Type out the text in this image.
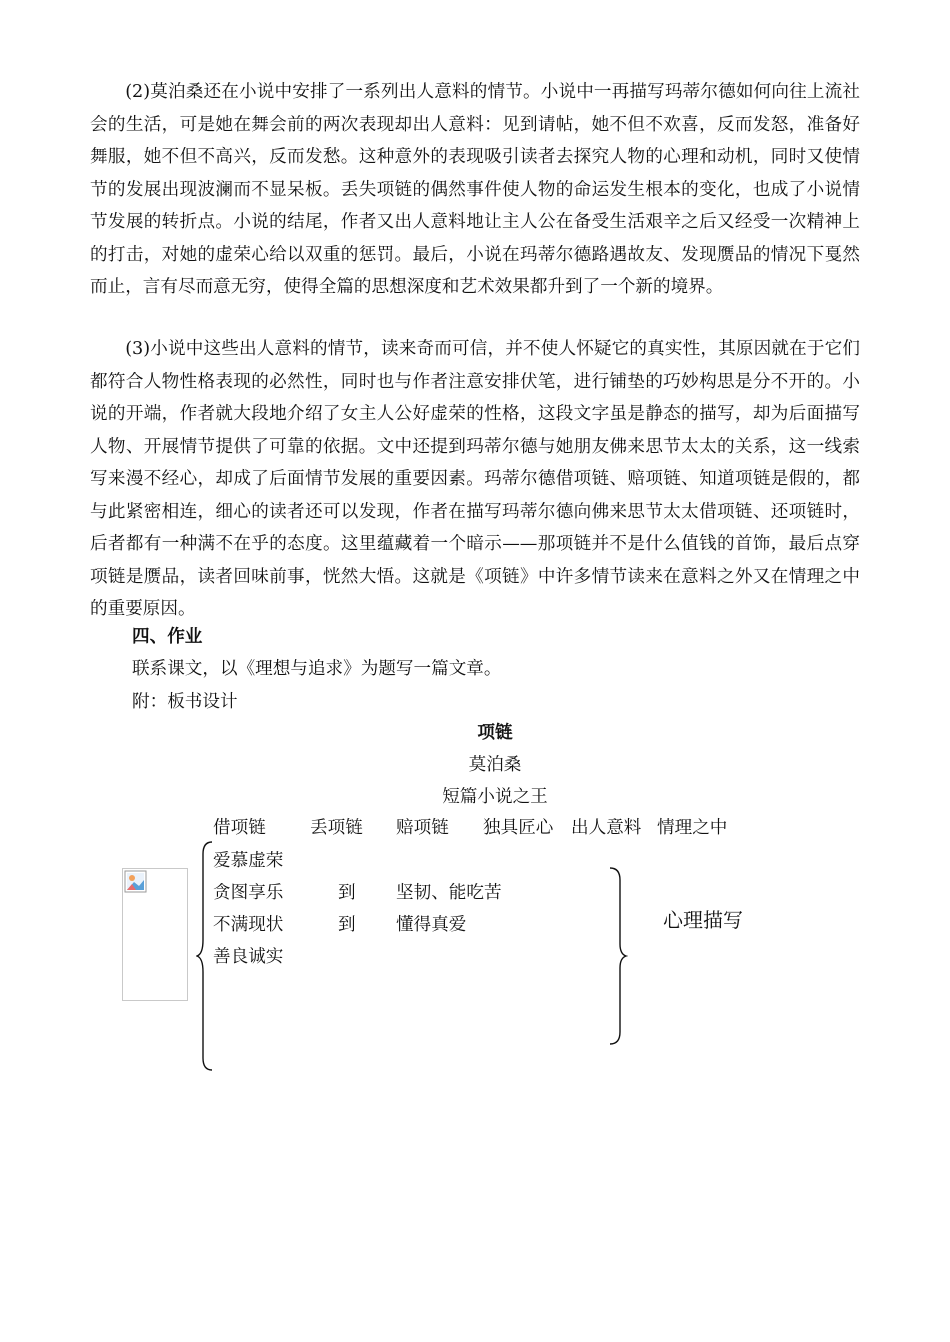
(2)莫泊桑还在小说中安排了一系列出人意料的情节。小说中一再描写玛蒂尔德如何向往上流社会的生活，可是她在舞会前的两次表现却出人意料：见到请帖，她不但不欢喜，反而发怒，准备好舞服，她不但不高兴，反而发愁。这种意外的表现吸引读者去探究人物的心理和动机，同时又使情节的发展出现波澜而不显呆板。丢失项链的偶然事件使人物的命运发生根本的变化，也成了小说情节发展的转折点。小说的结尾，作者又出人意料地让主人公在备受生活艰辛之后又经受一次精神上的打击，对她的虚荣心给以双重的惩罚。最后，小说在玛蒂尔德路遇故友、发现赝品的情况下戛然而止，言有尽而意无穷，使得全篇的思想深度和艺术效果都升到了一个新的境界。

(3)小说中这些出人意料的情节，读来奇而可信，并不使人怀疑它的真实性，其原因就在于它们都符合人物性格表现的必然性，同时也与作者注意安排伏笔，进行铺垫的巧妙构思是分不开的。小说的开端，作者就大段地介绍了女主人公好虚荣的性格，这段文字虽是静态的描写，却为后面描写人物、开展情节提供了可靠的依据。文中还提到玛蒂尔德与她朋友佛来思节太太的关系，这一线索写来漫不经心，却成了后面情节发展的重要因素。玛蒂尔德借项链、赔项链、知道项链是假的，都与此紧密相连，细心的读者还可以发现，作者在描写玛蒂尔德向佛来思节太太借项链、还项链时，后者都有一种满不在乎的态度。这里蕴藏着一个暗示——那项链并不是什么值钱的首饰，最后点穿项链是赝品，读者回味前事，恍然大悟。这就是《项链》中许多情节读来在意料之外又在情理之中的重要原因。

四、作业
联系课文，以《理想与追求》为题写一篇文章。
附：板书设计
项链
莫泊桑
短篇小说之王
借项链	丢项链 赔项链 独具匠心 出人意料 情理之中
爱慕虚荣
贪图享乐	到 坚韧、能吃苦
不满现状	到 懂得真爱
善良诚实
心理描写
